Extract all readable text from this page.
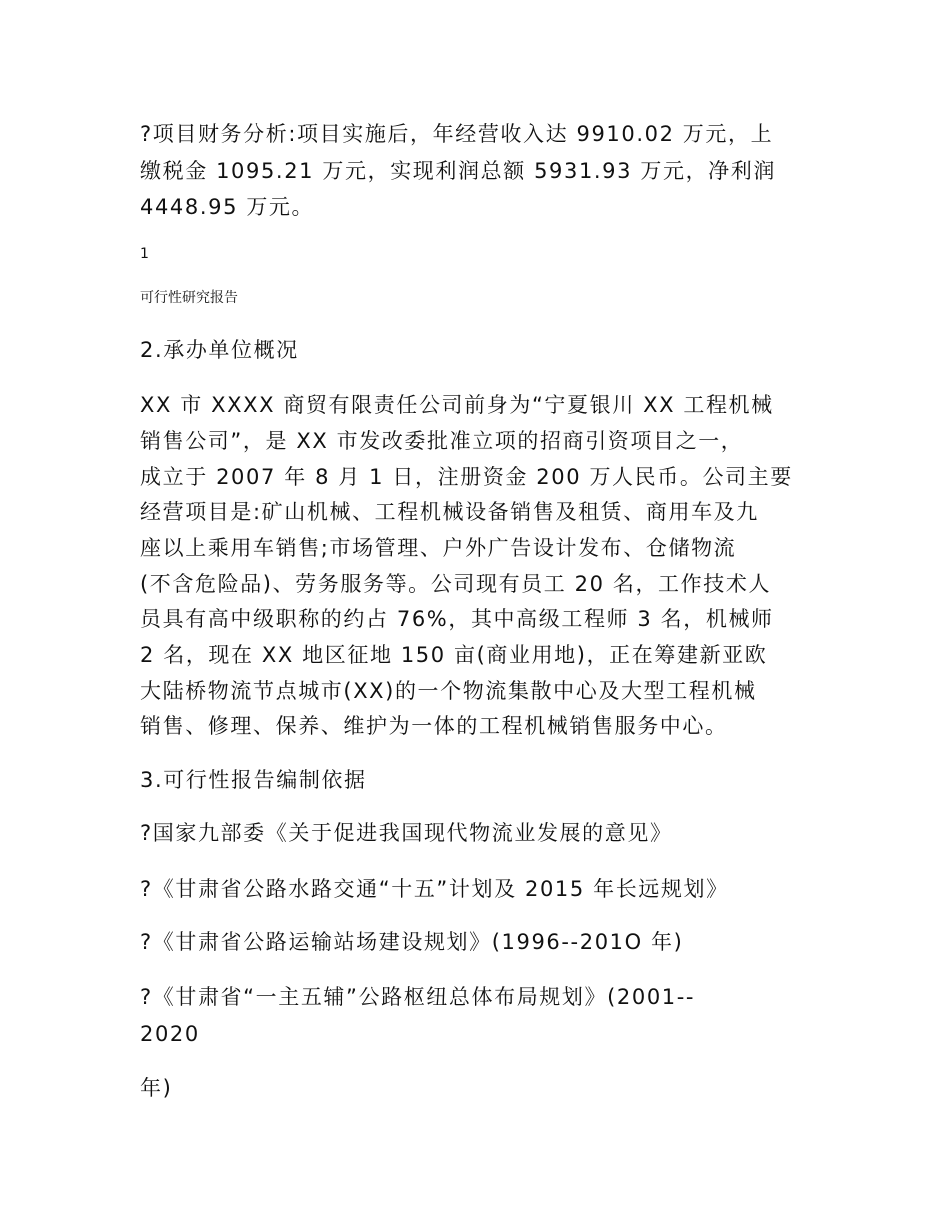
?项目财务分析:项目实施后，年经营收入达 9910.02 万元，上
缴税金 1095.21 万元，实现利润总额 5931.93 万元，净利润
4448.95 万元。
1
可行性研究报告
2.承办单位概况
XX 市 XXXX 商贸有限责任公司前身为“宁夏银川 XX 工程机械
销售公司”，是 XX 市发改委批准立项的招商引资项目之一，
成立于 2007 年 8 月 1 日，注册资金 200 万人民币。公司主要
经营项目是:矿山机械、工程机械设备销售及租赁、商用车及九
座以上乘用车销售;市场管理、户外广告设计发布、仓储物流
(不含危险品)、劳务服务等。公司现有员工 20 名，工作技术人
员具有高中级职称的约占 76%，其中高级工程师 3 名，机械师
2 名，现在 XX 地区征地 150 亩(商业用地)，正在筹建新亚欧
大陆桥物流节点城市(XX)的一个物流集散中心及大型工程机械
销售、修理、保养、维护为一体的工程机械销售服务中心。
3.可行性报告编制依据
?国家九部委《关于促进我国现代物流业发展的意见》
?《甘肃省公路水路交通“十五”计划及 2015 年长远规划》
?《甘肃省公路运输站场建设规划》(1996--201O 年)
?《甘肃省“一主五辅”公路枢纽总体布局规划》(2001--
2020
年)
